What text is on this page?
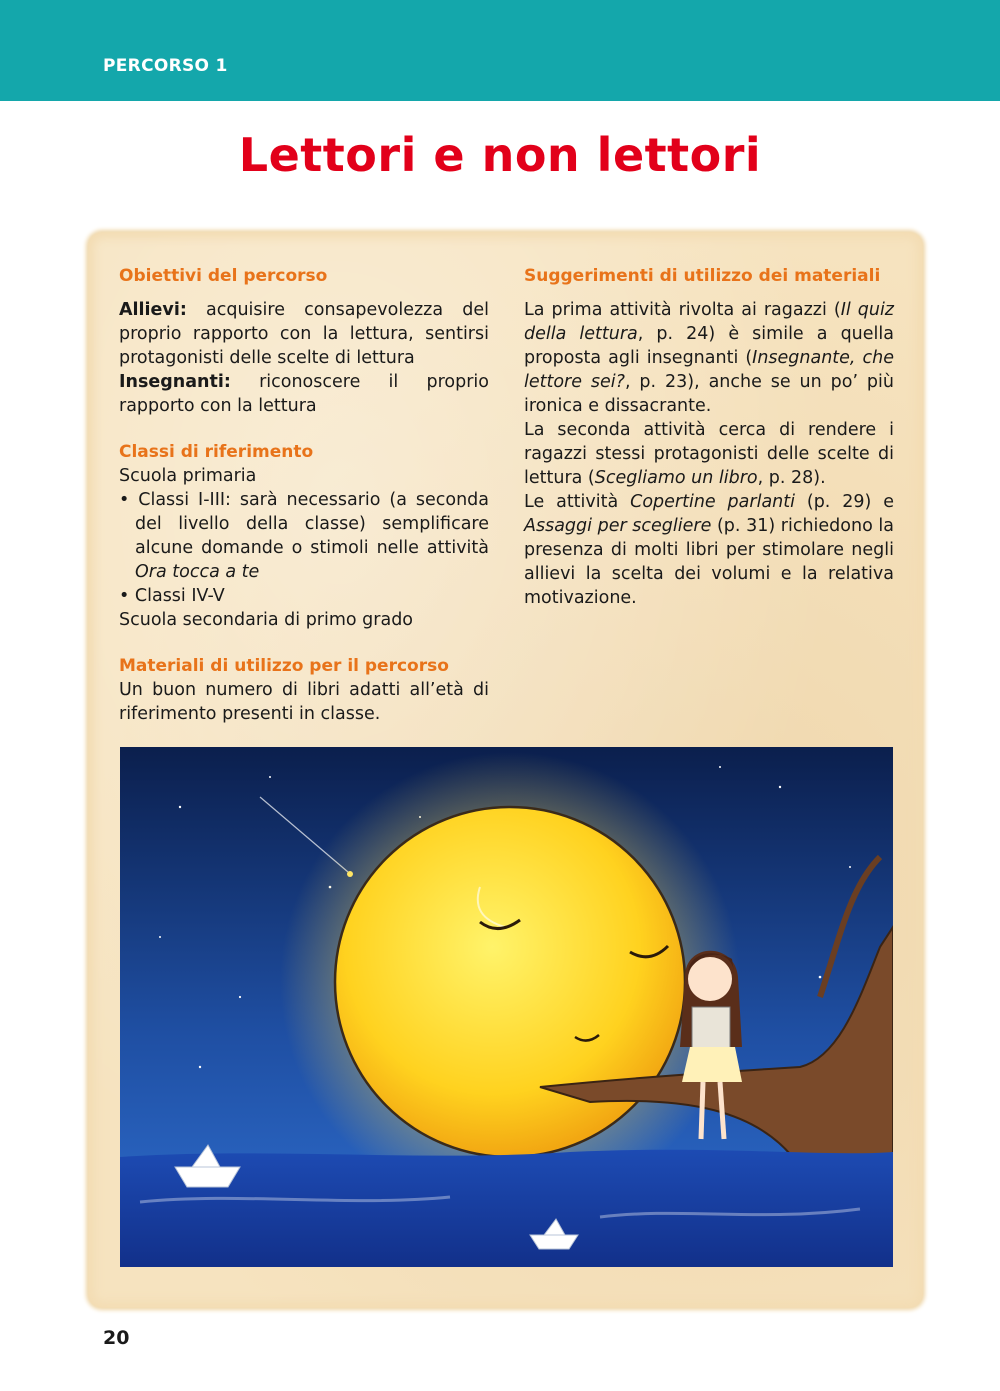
PERCORSO 1
Lettori e non lettori
Obiettivi del percorso

Allievi: acquisire consapevolezza del proprio rapporto con la lettura, sentirsi protagonisti delle scelte di lettura

Insegnanti: riconoscere il proprio rapporto con la lettura

Classi di riferimento

Scuola primaria

• Classi I-III: sarà necessario (a seconda del livello della classe) semplificare alcune domande o stimoli nelle attività Ora tocca a te

• Classi IV-V

Scuola secondaria di primo grado

Materiali di utilizzo per il percorso

Un buon numero di libri adatti all’età di riferimento presenti in classe.

Suggerimenti di utilizzo dei materiali

La prima attività rivolta ai ragazzi (Il quiz della lettura, p. 24) è simile a quella proposta agli insegnanti (Insegnante, che lettore sei?, p. 23), anche se un po’ più ironica e dissacrante.

La seconda attività cerca di rendere i ragazzi stessi protagonisti delle scelte di lettura (Scegliamo un libro, p. 28).

Le attività Copertine parlanti (p. 29) e Assaggi per scegliere (p. 31) richiedono la presenza di molti libri per stimolare negli allievi la scelta dei volumi e la relativa motivazione.

20
